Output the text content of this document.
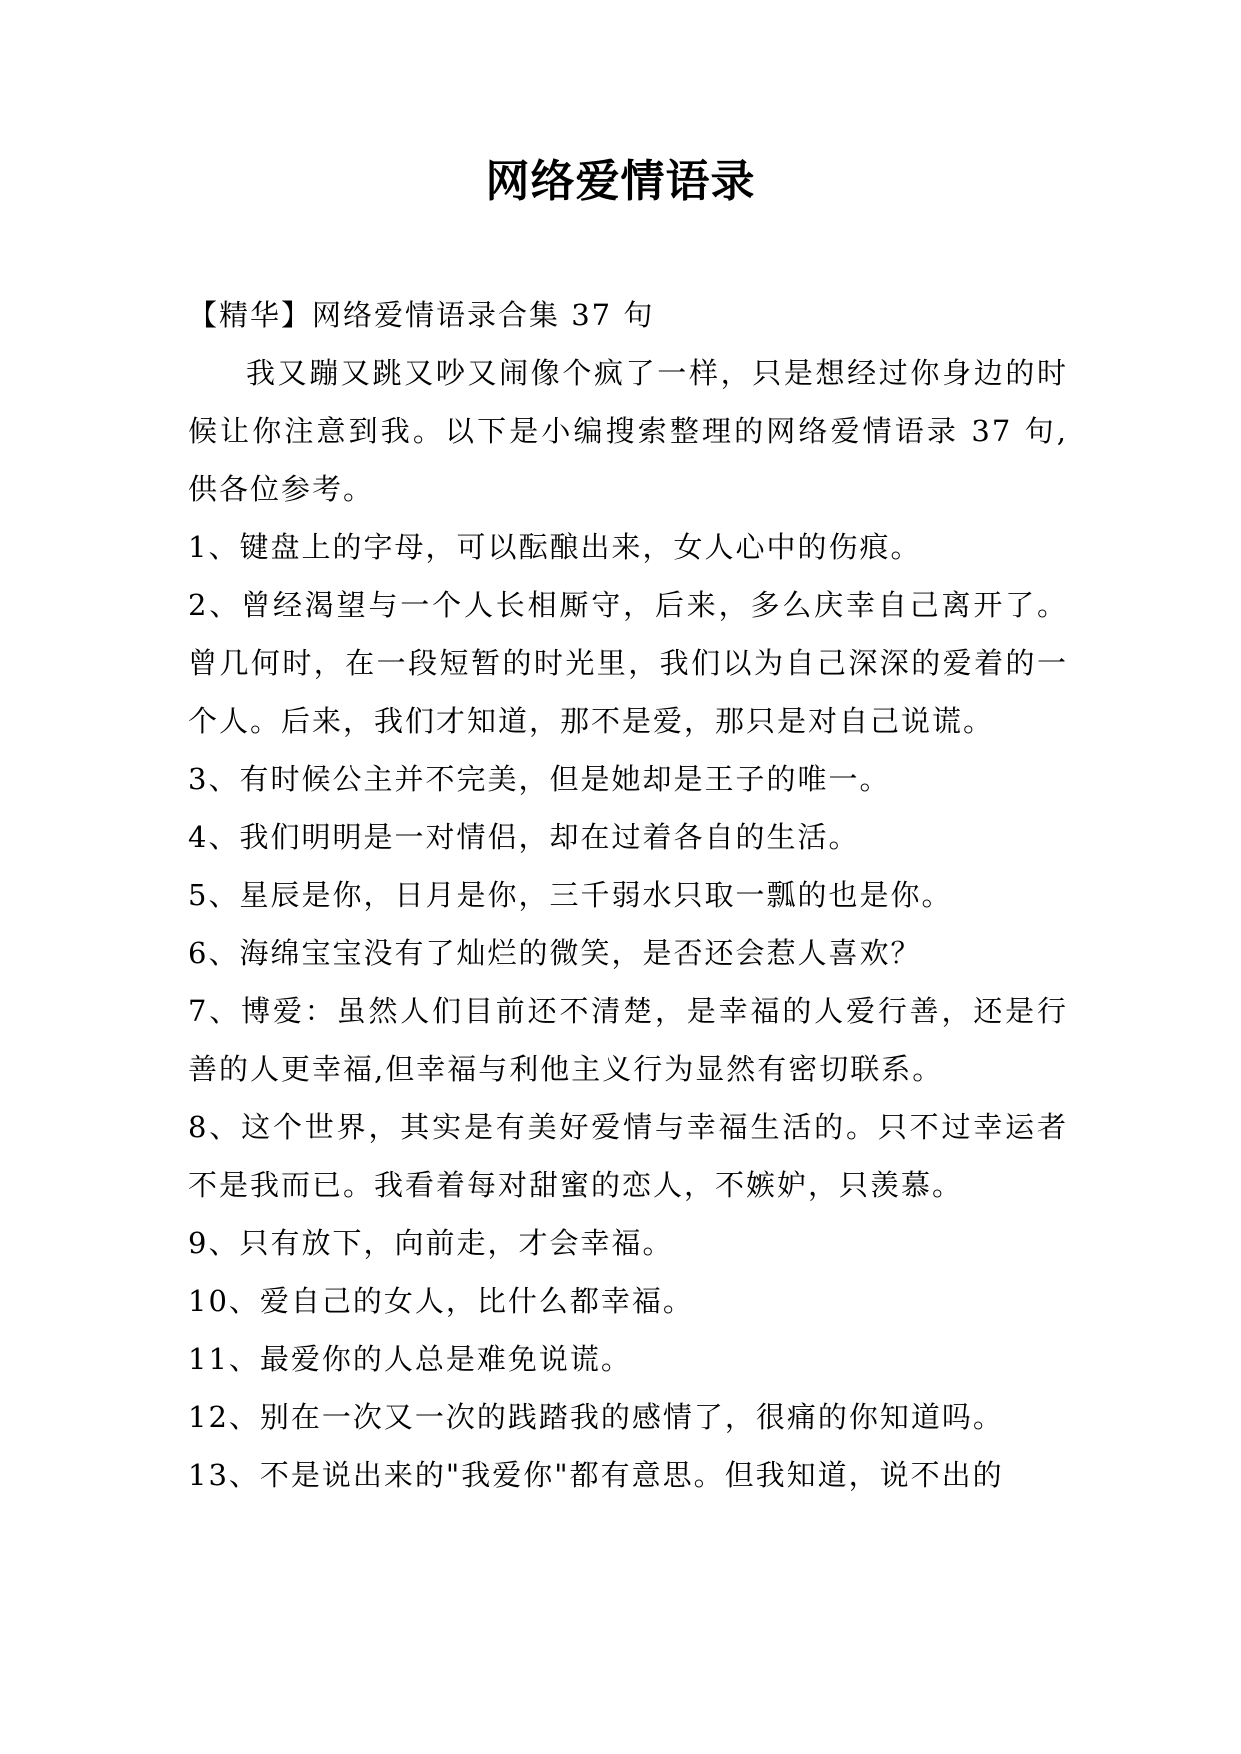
网络爱情语录

【精华】网络爱情语录合集 37 句

我又蹦又跳又吵又闹像个疯了一样，只是想经过你身边的时候让你注意到我。以下是小编搜索整理的网络爱情语录 37 句,供各位参考。

1、键盘上的字母，可以酝酿出来，女人心中的伤痕。

2、曾经渴望与一个人长相厮守，后来，多么庆幸自己离开了。曾几何时，在一段短暂的时光里，我们以为自己深深的爱着的一个人。后来，我们才知道，那不是爱，那只是对自己说谎。

3、有时候公主并不完美，但是她却是王子的唯一。

4、我们明明是一对情侣，却在过着各自的生活。

5、星辰是你，日月是你，三千弱水只取一瓢的也是你。

6、海绵宝宝没有了灿烂的微笑，是否还会惹人喜欢？

7、博爱：虽然人们目前还不清楚，是幸福的人爱行善，还是行善的人更幸福,但幸福与利他主义行为显然有密切联系。

8、这个世界，其实是有美好爱情与幸福生活的。只不过幸运者不是我而已。我看着每对甜蜜的恋人，不嫉妒，只羡慕。

9、只有放下，向前走，才会幸福。

10、爱自己的女人，比什么都幸福。

11、最爱你的人总是难免说谎。

12、别在一次又一次的践踏我的感情了，很痛的你知道吗。

13、不是说出来的"我爱你"都有意思。但我知道，说不出的
